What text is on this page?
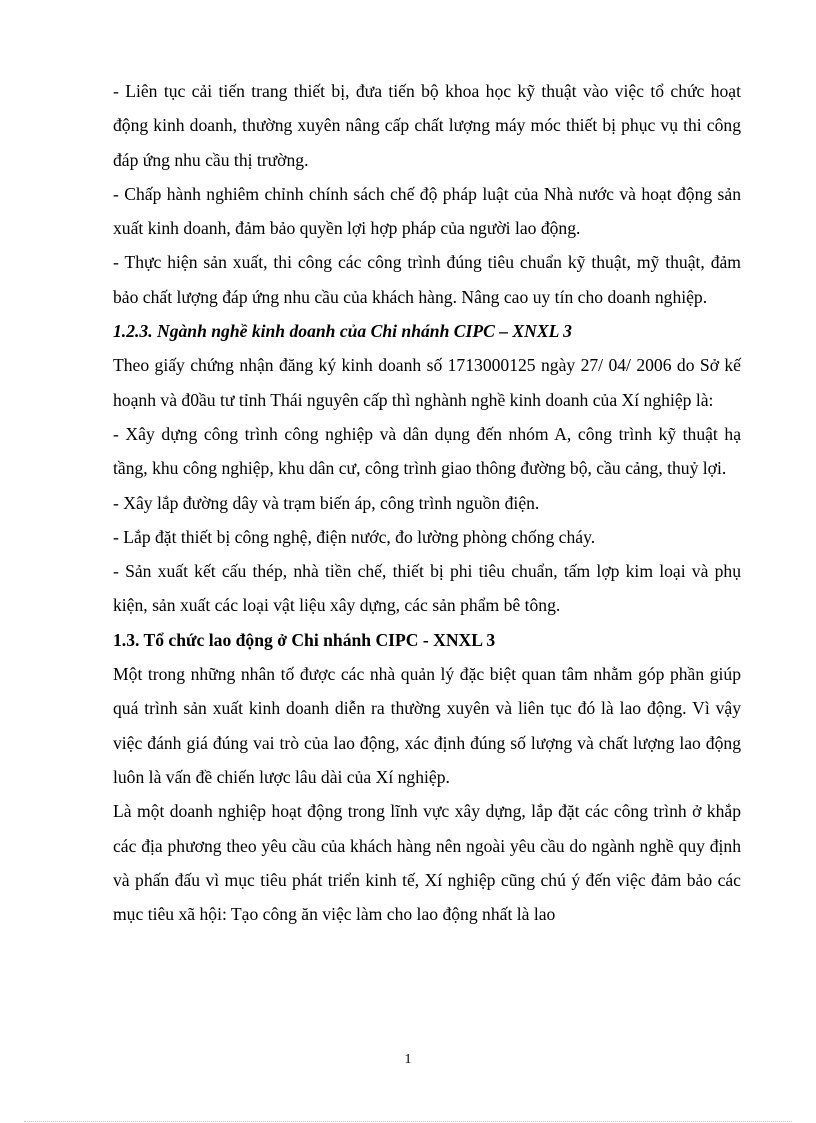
- Liên tục cải tiến trang thiết bị, đưa tiến bộ khoa học kỹ thuật vào việc tổ chức hoạt động kinh doanh, thường xuyên nâng cấp chất lượng máy móc thiết bị phục vụ thi công đáp ứng nhu cầu thị trường.

- Chấp hành nghiêm chỉnh chính sách chế độ pháp luật của Nhà nước và hoạt động sản xuất kinh doanh, đảm bảo quyền lợi hợp pháp của người lao động.

- Thực hiện sản xuất, thi công các công trình đúng tiêu chuẩn kỹ thuật, mỹ thuật, đảm bảo chất lượng đáp ứng nhu cầu của khách hàng. Nâng cao uy tín cho doanh nghiệp.

1.2.3. Ngành nghề kinh doanh của Chi nhánh CIPC – XNXL 3

Theo giấy chứng nhận đăng ký kinh doanh số 1713000125 ngày 27/ 04/ 2006 do Sở kế hoạnh và đ0ầu tư tỉnh Thái nguyên cấp thì nghành nghề kinh doanh của Xí nghiệp là:

- Xây dựng công trình công nghiệp và dân dụng đến nhóm A, công trình kỹ thuật hạ tầng, khu công nghiệp, khu dân cư, công trình giao thông đường bộ, cầu cảng, thuỷ lợi.

- Xây lắp đường dây và trạm biến áp, công trình nguồn điện.

- Lắp đặt thiết bị công nghệ, điện nước, đo lường phòng chống cháy.

- Sản xuất kết cấu thép, nhà tiền chế, thiết bị phi tiêu chuẩn, tấm lợp kim loại và phụ kiện, sản xuất các loại vật liệu xây dựng, các sản phẩm bê tông.

1.3. Tổ chức lao động ở Chi nhánh CIPC - XNXL 3

Một trong những nhân tố được các nhà quản lý đặc biệt quan tâm nhằm góp phần giúp quá trình sản xuất kinh doanh diễn ra thường xuyên và liên tục đó là lao động. Vì vậy việc đánh giá đúng vai trò của lao động, xác định đúng số lượng và chất lượng lao động luôn là vấn đề chiến lược lâu dài của Xí nghiệp.

Là một doanh nghiệp hoạt động trong lĩnh vực xây dựng, lắp đặt các công trình ở khắp các địa phương theo yêu cầu của khách hàng nên ngoài yêu cầu do ngành nghề quy định và phấn đấu vì mục tiêu phát triển kinh tế, Xí nghiệp cũng chú ý đến việc đảm bảo các mục tiêu xã hội: Tạo công ăn việc làm cho lao động nhất là lao

1
